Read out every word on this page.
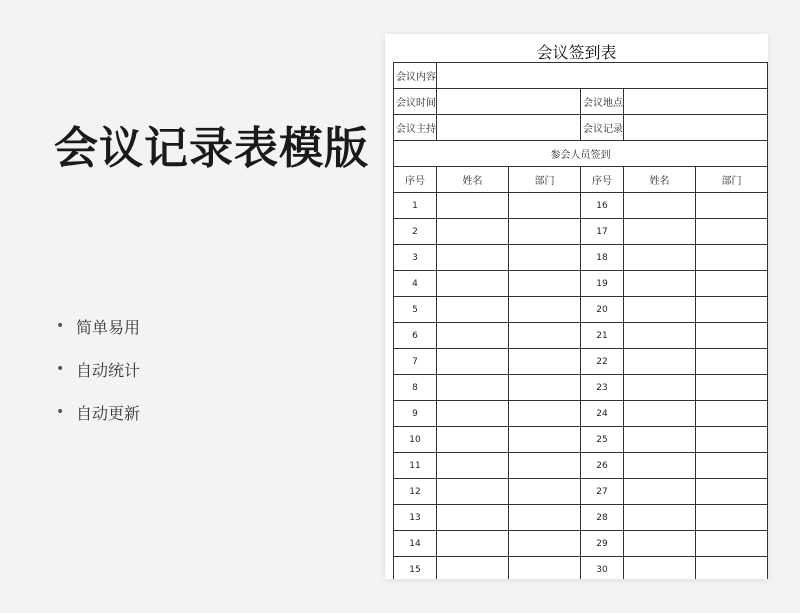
会议记录表模版
• 简单易用
• 自动统计
• 自动更新
会议签到表
会议内容					
会议时间			会议地点		
会议主持			会议记录		
参会人员签到					
序号	姓名	部门	序号	姓名	部门
1			16		
2			17		
3			18		
4			19		
5			20		
6			21		
7			22		
8			23		
9			24		
10			25		
11			26		
12			27		
13			28		
14			29		
15			30		
